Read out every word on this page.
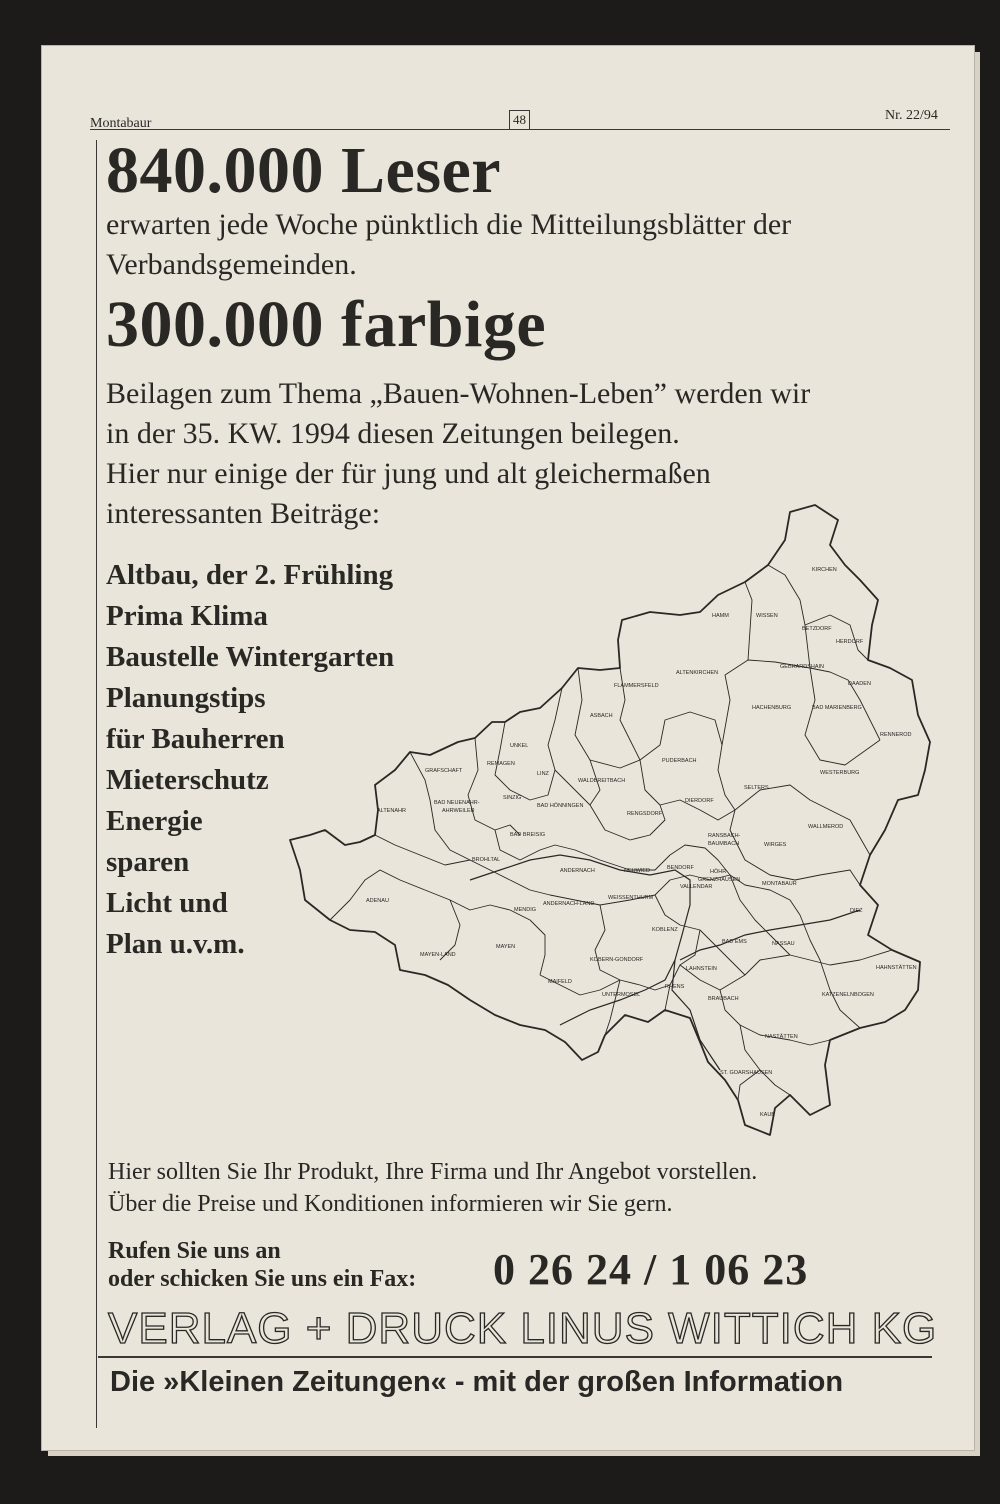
Montabaur	48	Nr. 22/94
840.000 Leser
erwarten jede Woche pünktlich die Mitteilungsblätter der
Verbandsgemeinden.
300.000 farbige
Beilagen zum Thema „Bauen-Wohnen-Leben” werden wir
in der 35. KW. 1994 diesen Zeitungen beilegen.
Hier nur einige der für jung und alt gleichermaßen
interessanten Beiträge:
Altbau, der 2. Frühling
Prima Klima
Baustelle Wintergarten
Planungstips
für Bauherren
Mieterschutz
Energie
sparen
Licht und
Plan u.v.m.
KIRCHEN
HAMM	WISSEN
BETZDORF
HERDORF
GEBHARDSHAIN
DAADEN
FLAMMERSFELD
ALTENKIRCHEN
HACHENBURG	BAD MARIENBERG
RENNEROD
ASBACH
PUDERBACH
WESTERBURG
UNKEL
GRAFSCHAFT
REMAGEN
LINZ
WALDBREITBACH
SELTERS
ALTENAHR
BAD NEUENAHR-
AHRWEILER
SINZIG
BAD HÖNNINGEN
RENGSDORF
DIERDORF
WALLMEROD
BAD BREISIG	RANSBACH-
BAUMBACH	WIRGES
BROHLTAL
ANDERNACH	NEUWIED	BENDORF
HÖHR-
GRENZHAUSEN
VALLENDAR	MONTABAUR
ADENAU
MENDIG
ANDERNACH-LAND
WEISSENTHURM
DIEZ
KOBLENZ
BAD EMS	NASSAU
MAYEN
MAYEN-LAND
KOBERN-GONDORF
LAHNSTEIN	HAHNSTÄTTEN
MAIFELD
RHENS
UNTERMOSEL
BRAUBACH
KATZENELNBOGEN
NASTÄTTEN
ST. GOARSHAUSEN
KAUB
Hier sollten Sie Ihr Produkt, Ihre Firma und Ihr Angebot vorstellen.
Über die Preise und Konditionen informieren wir Sie gern.
Rufen Sie uns an
oder schicken Sie uns ein Fax: 0 26 24 / 1 06 23
VERLAG + DRUCK LINUS WITTICH KG
Die »Kleinen Zeitungen« - mit der großen Information
